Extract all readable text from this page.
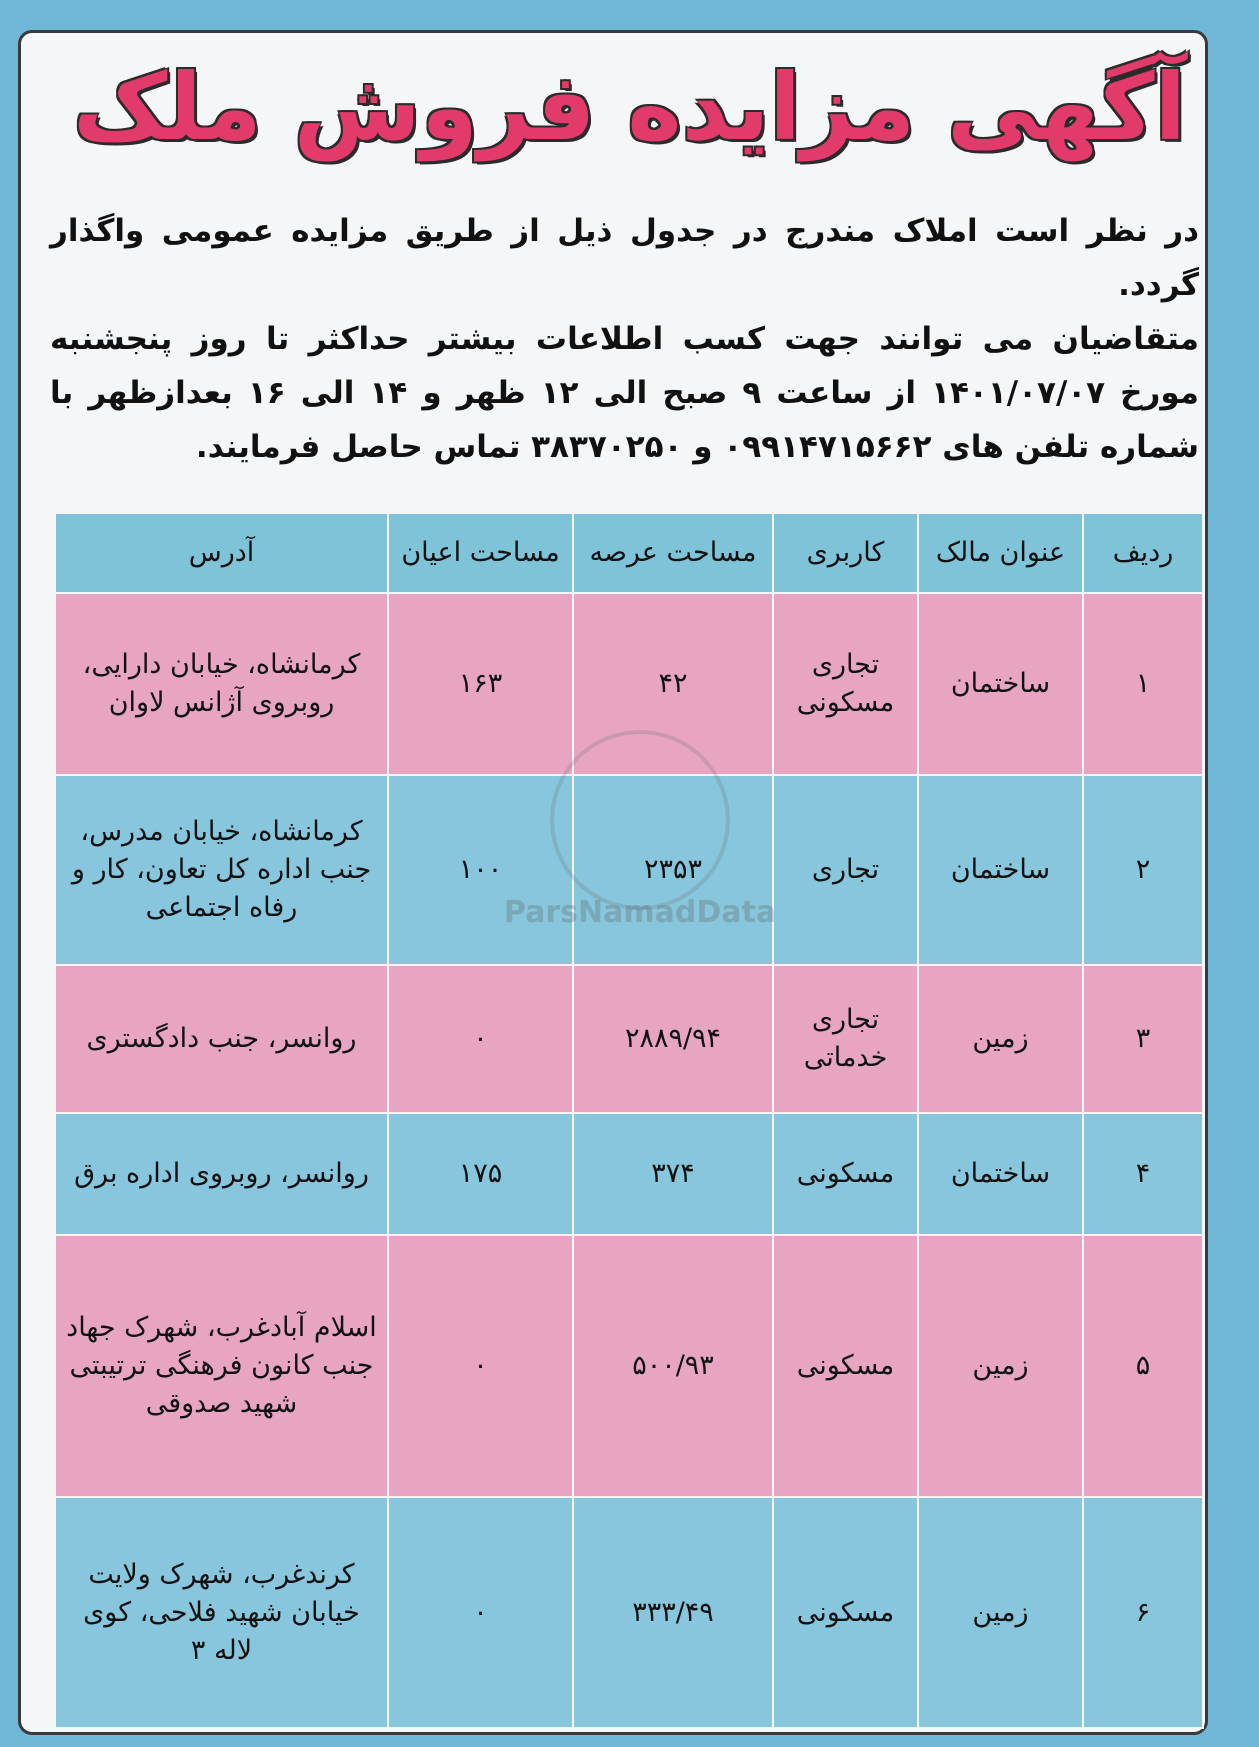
آگهی مزایده فروش ملک

در نظر است املاک مندرج در جدول ذیل از طریق مزایده عمومی واگذار گردد.

متقاضیان می توانند جهت کسب اطلاعات بیشتر حداکثر تا روز پنجشنبه مورخ ۱۴۰۱/۰۷/۰۷ از ساعت ۹ صبح الی ۱۲ ظهر و ۱۴ الی ۱۶ بعدازظهر با شماره تلفن های ۰۹۹۱۴۷۱۵۶۶۲ و ۳۸۳۷۰۲۵۰ تماس حاصل فرمایند.

ردیف	عنوان مالک	کاربری	مساحت عرصه	مساحت اعیان	آدرس
۱	ساختمان	تجاری مسکونی	۴۲	۱۶۳	کرمانشاه، خیابان دارایی، روبروی آژانس لاوان
۲	ساختمان	تجاری	۲۳۵۳	۱۰۰	کرمانشاه، خیابان مدرس، جنب اداره کل تعاون، کار و رفاه اجتماعی
۳	زمین	تجاری خدماتی	۲۸۸۹/۹۴	۰	روانسر، جنب دادگستری
۴	ساختمان	مسکونی	۳۷۴	۱۷۵	روانسر، روبروی اداره برق
۵	زمین	مسکونی	۵۰۰/۹۳	۰	اسلام آبادغرب، شهرک جهاد جنب کانون فرهنگی ترتیبتی شهید صدوقی
۶	زمین	مسکونی	۳۳۳/۴۹	۰	کرندغرب، شهرک ولایت خیابان شهید فلاحی، کوی لاله ۳
ParsNamadData
